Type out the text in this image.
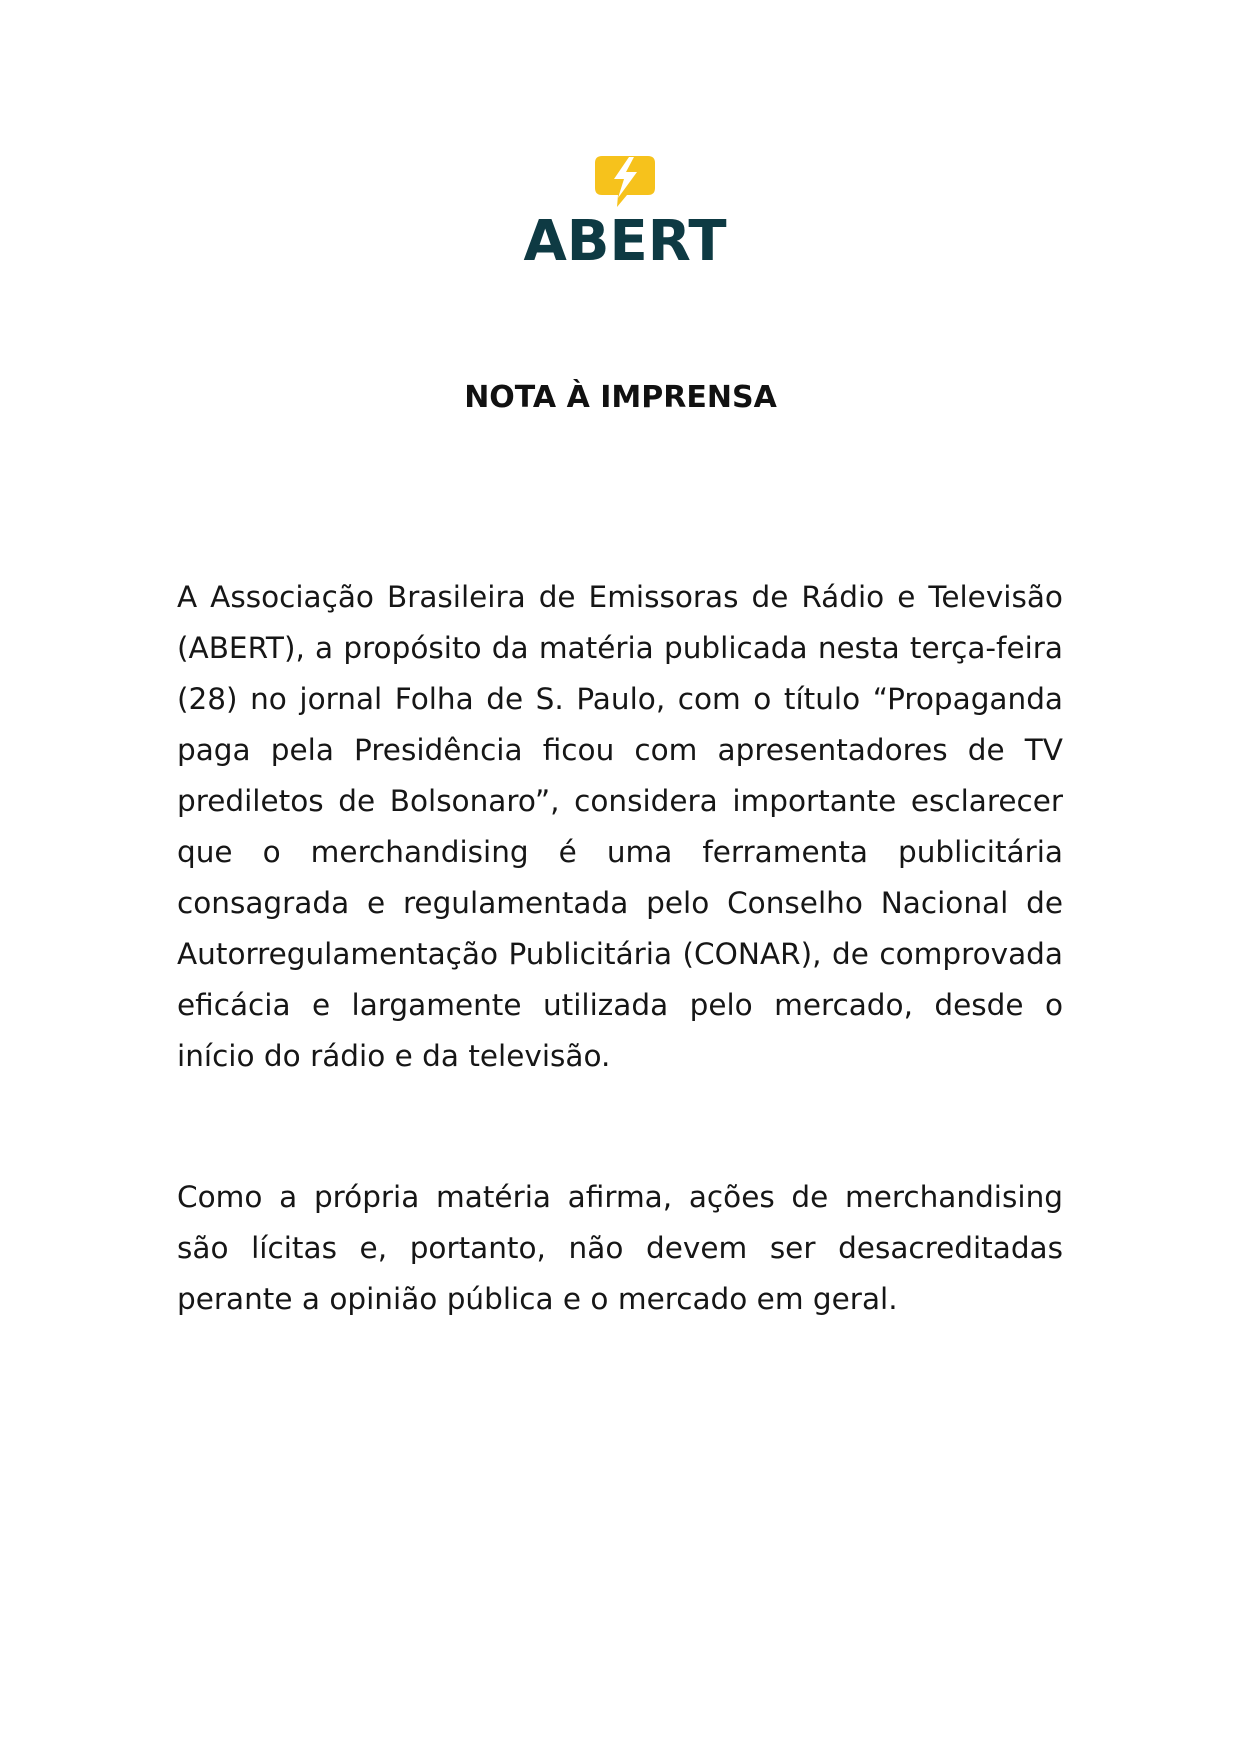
ABERT
NOTA À IMPRENSA

A Associação Brasileira de Emissoras de Rádio e Televisão (ABERT), a propósito da matéria publicada nesta terça-feira (28) no jornal Folha de S. Paulo, com o título “Propaganda paga pela Presidência ficou com apresentadores de TV prediletos de Bolsonaro”, considera importante esclarecer que o merchandising é uma ferramenta publicitária consagrada e regulamentada pelo Conselho Nacional de Autorregulamentação Publicitária (CONAR), de comprovada eficácia e largamente utilizada pelo mercado, desde o início do rádio e da televisão.

Como a própria matéria afirma, ações de merchandising são lícitas e, portanto, não devem ser desacreditadas perante a opinião pública e o mercado em geral.
